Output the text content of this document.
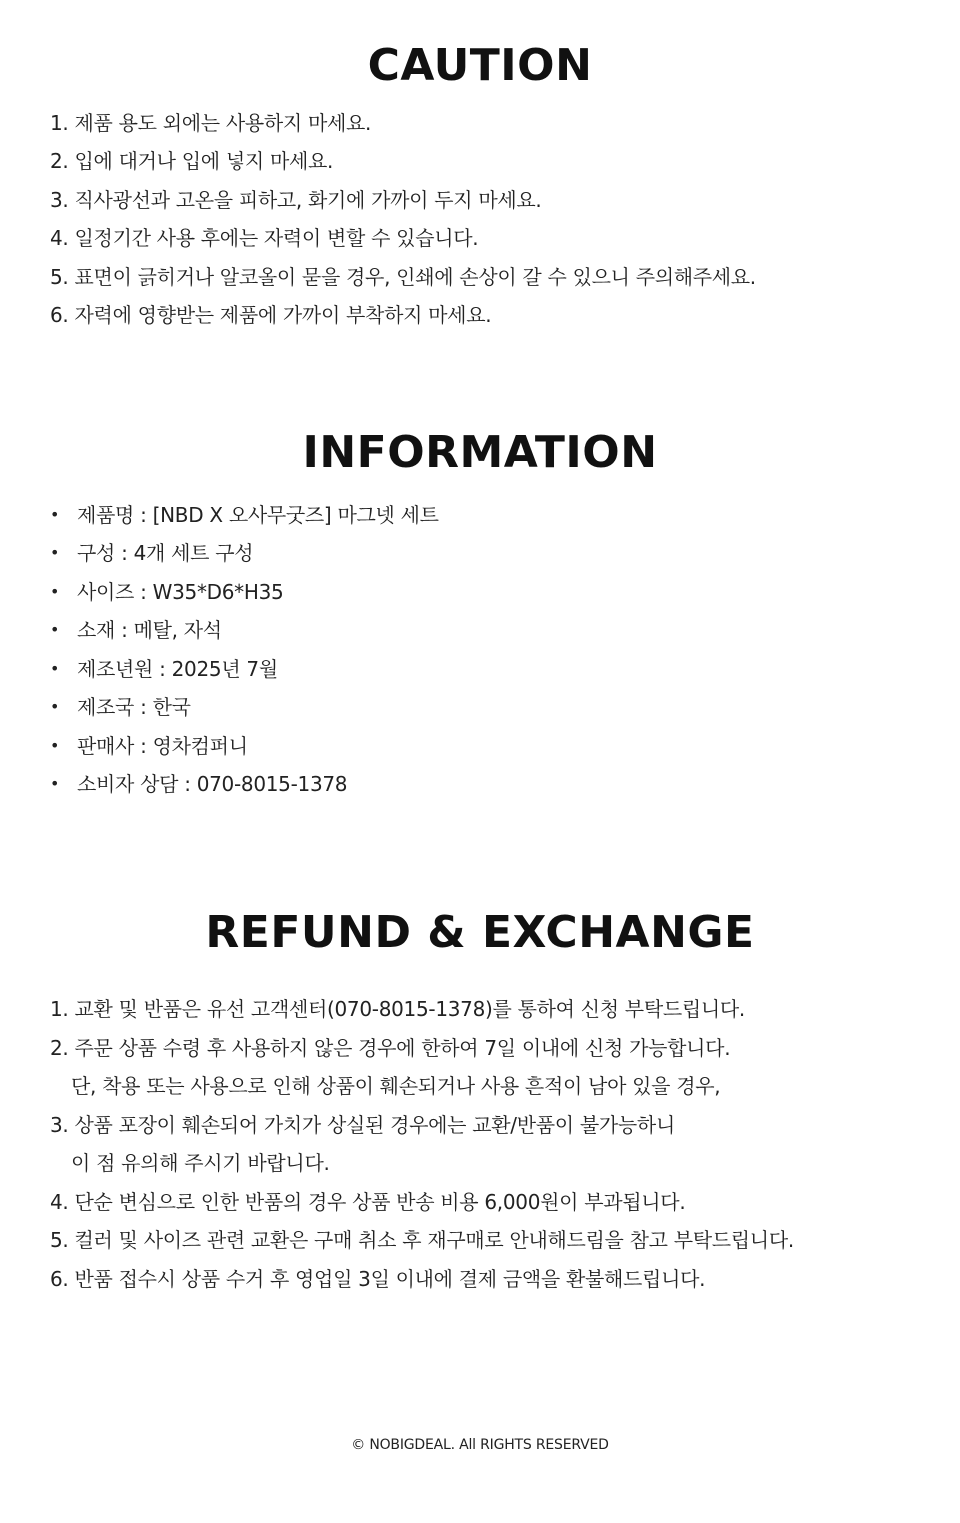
CAUTION
1. 제품 용도 외에는 사용하지 마세요.
2. 입에 대거나 입에 넣지 마세요.
3. 직사광선과 고온을 피하고, 화기에 가까이 두지 마세요.
4. 일정기간 사용 후에는 자력이 변할 수 있습니다.
5. 표면이 긁히거나 알코올이 묻을 경우, 인쇄에 손상이 갈 수 있으니 주의해주세요.
6. 자력에 영향받는 제품에 가까이 부착하지 마세요.
INFORMATION
• 제품명 : [NBD X 오사무굿즈] 마그넷 세트
• 구성 : 4개 세트 구성
• 사이즈 : W35*D6*H35
• 소재 : 메탈, 자석
• 제조년원 : 2025년 7월
• 제조국 : 한국
• 판매사 : 영차컴퍼니
• 소비자 상담 : 070-8015-1378
REFUND & EXCHANGE
1. 교환 및 반품은 유선 고객센터(070-8015-1378)를 통하여 신청 부탁드립니다.
2. 주문 상품 수령 후 사용하지 않은 경우에 한하여 7일 이내에 신청 가능합니다.
단, 착용 또는 사용으로 인해 상품이 훼손되거나 사용 흔적이 남아 있을 경우,
3. 상품 포장이 훼손되어 가치가 상실된 경우에는 교환/반품이 불가능하니
이 점 유의해 주시기 바랍니다.
4. 단순 변심으로 인한 반품의 경우 상품 반송 비용 6,000원이 부과됩니다.
5. 컬러 및 사이즈 관련 교환은 구매 취소 후 재구매로 안내해드림을 참고 부탁드립니다.
6. 반품 접수시 상품 수거 후 영업일 3일 이내에 결제 금액을 환불해드립니다.
© NOBIGDEAL. All RIGHTS RESERVED
